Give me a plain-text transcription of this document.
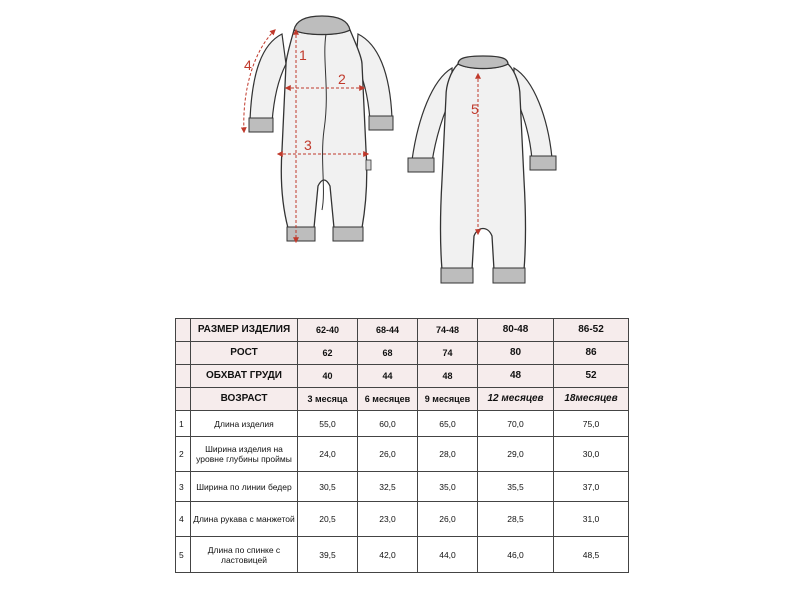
1
2
3
4
5
	РАЗМЕР ИЗДЕЛИЯ	62-40	68-44	74-48	80-48	86-52
	РОСТ	62	68	74	80	86
	ОБХВАТ ГРУДИ	40	44	48	48	52
	ВОЗРАСТ	3 месяца	6 месяцев	9 месяцев	12 месяцев	18месяцев
1	Длина изделия	55,0	60,0	65,0	70,0	75,0
2	Ширина изделия на уровне глубины проймы	24,0	26,0	28,0	29,0	30,0
3	Ширина по линии бедер	30,5	32,5	35,0	35,5	37,0
4	Длина рукава с манжетой	20,5	23,0	26,0	28,5	31,0
5	Длина по спинке с ластовицей	39,5	42,0	44,0	46,0	48,5
